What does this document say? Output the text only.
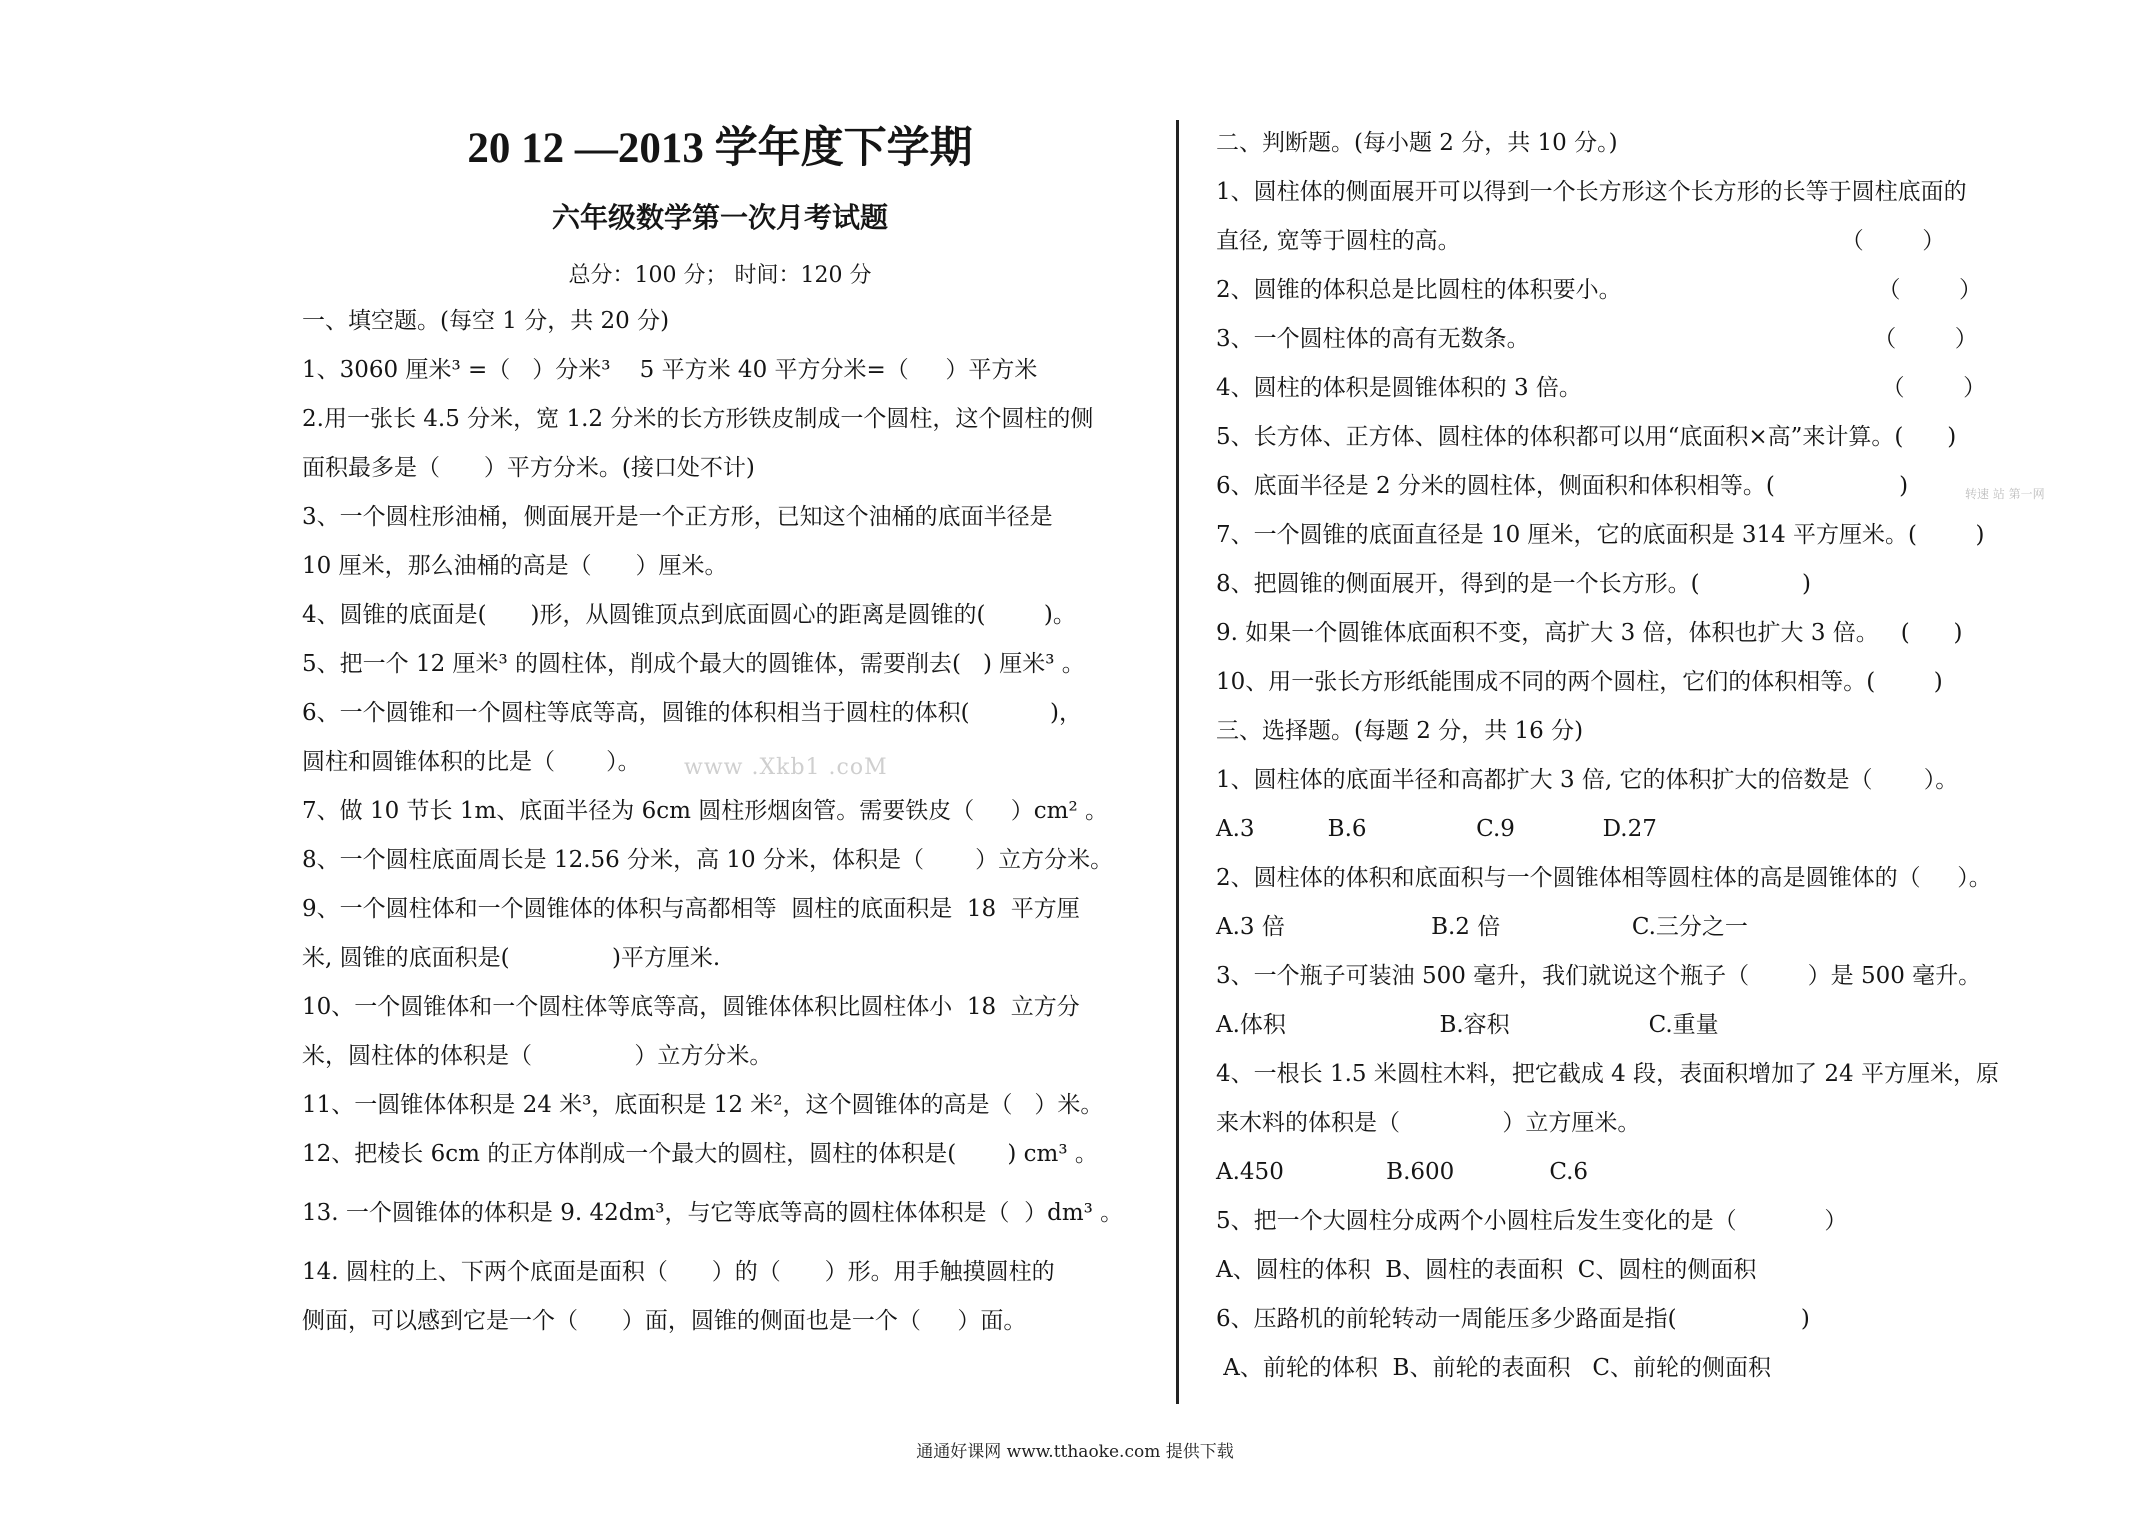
20 12 —2013 学年度下学期
六年级数学第一次月考试题
总分：100 分； 时间：120 分
一、填空题。(每空 1 分，共 20 分)
1、3060 厘米³ =（   ）分米³    5 平方米 40 平方分米=（     ）平方米
2.用一张长 4.5 分米，宽 1.2 分米的长方形铁皮制成一个圆柱，这个圆柱的侧
面积最多是（      ）平方分米。(接口处不计)
3、一个圆柱形油桶，侧面展开是一个正方形，已知这个油桶的底面半径是
10 厘米，那么油桶的高是（      ）厘米。
4、圆锥的底面是(      )形，从圆锥顶点到底面圆心的距离是圆锥的(        )。
5、把一个 12 厘米³ 的圆柱体，削成个最大的圆锥体，需要削去(   ) 厘米³ 。
6、一个圆锥和一个圆柱等底等高，圆锥的体积相当于圆柱的体积(           )，
圆柱和圆锥体积的比是（       ）。
7、做 10 节长 1m、底面半径为 6cm 圆柱形烟囱管。需要铁皮（     ）cm² 。
8、一个圆柱底面周长是 12.56 分米，高 10 分米，体积是（       ）立方分米。
9、一个圆柱体和一个圆锥体的体积与高都相等  圆柱的底面积是  18  平方厘
米, 圆锥的底面积是(              )平方厘米.
10、一个圆锥体和一个圆柱体等底等高，圆锥体体积比圆柱体小  18  立方分
米，圆柱体的体积是（              ）立方分米。
11、一圆锥体体积是 24 米³，底面积是 12 米²，这个圆锥体的高是（   ）米。
12、把棱长 6cm 的正方体削成一个最大的圆柱，圆柱的体积是(       ) cm³ 。
13. 一个圆锥体的体积是 9. 42dm³，与它等底等高的圆柱体体积是（  ）dm³ 。
14. 圆柱的上、下两个底面是面积（      ）的（      ）形。用手触摸圆柱的
侧面，可以感到它是一个（      ）面，圆锥的侧面也是一个（     ）面。
www .Xkb1 .coM
二、判断题。(每小题 2 分，共 10 分。)
1、圆柱体的侧面展开可以得到一个长方形这个长方形的长等于圆柱底面的
直径, 宽等于圆柱的高。                                                    （        ）
2、圆锥的体积总是比圆柱的体积要小。                                   （        ）
3、一个圆柱体的高有无数条。                                               （        ）
4、圆柱的体积是圆锥体积的 3 倍。                                         （        ）
5、长方体、正方体、圆柱体的体积都可以用“底面积×高”来计算。(      )
6、底面半径是 2 分米的圆柱体，侧面积和体积相等。(                 )
7、一个圆锥的底面直径是 10 厘米，它的底面积是 314 平方厘米。(        )
8、把圆锥的侧面展开，得到的是一个长方形。(              )
9. 如果一个圆锥体底面积不变，高扩大 3 倍，体积也扩大 3 倍。   (      )
10、用一张长方形纸能围成不同的两个圆柱，它们的体积相等。(        )
三、选择题。(每题 2 分，共 16 分)
1、圆柱体的底面半径和高都扩大 3 倍, 它的体积扩大的倍数是（       ）。
A.3          B.6               C.9            D.27
2、圆柱体的体积和底面积与一个圆锥体相等圆柱体的高是圆锥体的（     ）。
A.3 倍                    B.2 倍                  C.三分之一
3、一个瓶子可装油 500 毫升，我们就说这个瓶子（        ）是 500 毫升。
A.体积                     B.容积                   C.重量
4、一根长 1.5 米圆柱木料，把它截成 4 段，表面积增加了 24 平方厘米，原
来木料的体积是（              ）立方厘米。
A.450              B.600             C.6
5、把一个大圆柱分成两个小圆柱后发生变化的是（            ）
A、圆柱的体积  B、圆柱的表面积  C、圆柱的侧面积
6、压路机的前轮转动一周能压多少路面是指(                 )
A、前轮的体积  B、前轮的表面积   C、前轮的侧面积
转速 站 第一网
通通好课网 www.tthaoke.com 提供下载
